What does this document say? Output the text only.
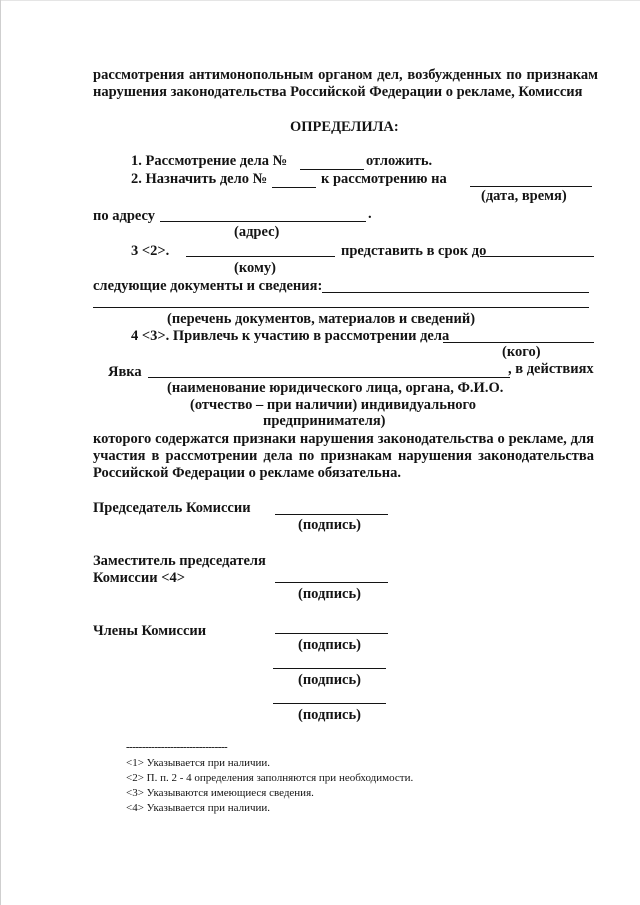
рассмотрения антимонопольным органом дел, возбужденных по признакам
нарушения законодательства Российской Федерации о рекламе, Комиссия
ОПРЕДЕЛИЛА:
1. Рассмотрение дела №	отложить.
2. Назначить дело №	к рассмотрению на
(дата, время)
по адресу	.
(адрес)
3 <2>.	представить в срок до
(кому)
следующие документы и сведения:
(перечень документов, материалов и сведений)
4 <3>. Привлечь к участию в рассмотрении дела
(кого)
Явка	, в действиях
(наименование юридического лица, органа, Ф.И.О.
(отчество – при наличии) индивидуального
предпринимателя)
которого содержатся признаки нарушения законодательства о рекламе, для
участия в рассмотрении дела по признакам нарушения законодательства
Российской Федерации о рекламе обязательна.
Председатель Комиссии
(подпись)
Заместитель председателя
Комиссии <4>
(подпись)
Члены Комиссии
(подпись)
(подпись)
(подпись)
--------------------------------
<1> Указывается при наличии.
<2> П. п. 2 - 4 определения заполняются при необходимости.
<3> Указываются имеющиеся сведения.
<4> Указывается при наличии.
